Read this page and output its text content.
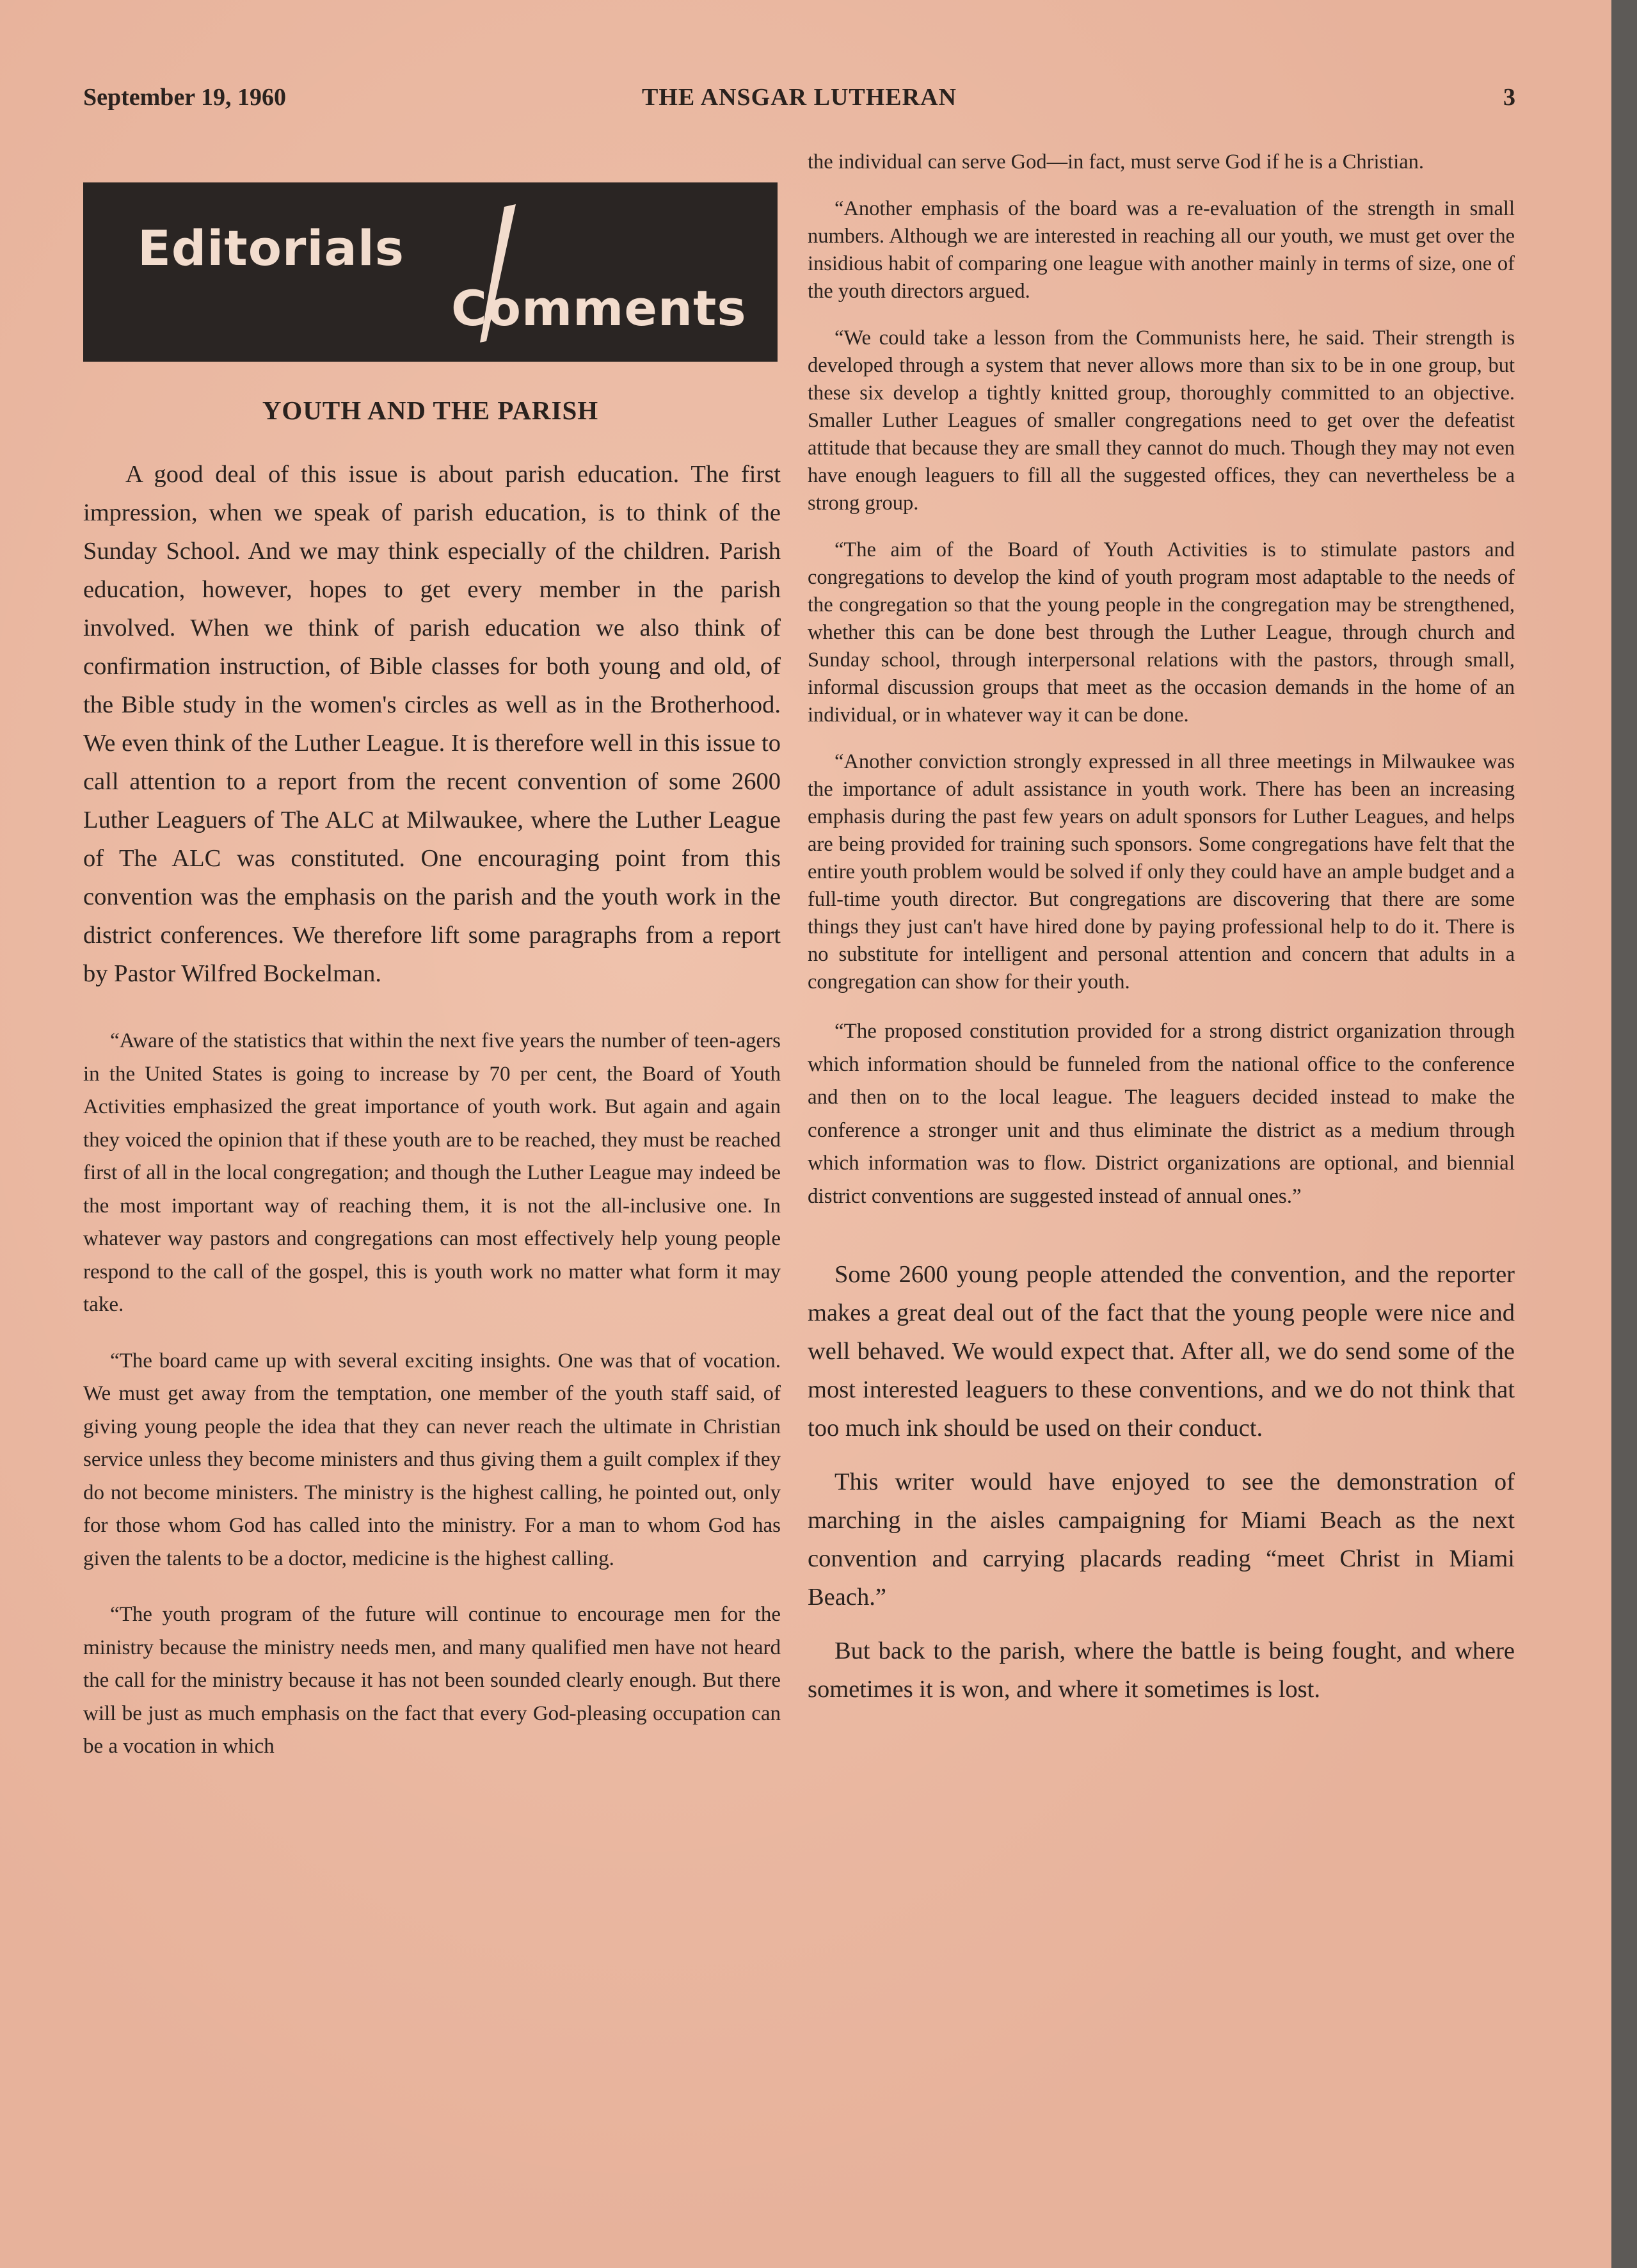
September 19, 1960	THE ANSGAR LUTHERAN	3
Editorials
Comments
YOUTH AND THE PARISH

A good deal of this issue is about parish education. The first impression, when we speak of parish education, is to think of the Sunday School. And we may think especially of the children. Parish education, however, hopes to get every member in the parish involved. When we think of parish education we also think of confirmation instruction, of Bible classes for both young and old, of the Bible study in the women's circles as well as in the Brotherhood. We even think of the Luther League. It is therefore well in this issue to call attention to a report from the recent convention of some 2600 Luther Leaguers of The ALC at Milwaukee, where the Luther League of The ALC was constituted. One encouraging point from this convention was the emphasis on the parish and the youth work in the district conferences. We therefore lift some paragraphs from a report by Pastor Wilfred Bockelman.

“Aware of the statistics that within the next five years the number of teen-agers in the United States is going to increase by 70 per cent, the Board of Youth Activities emphasized the great importance of youth work. But again and again they voiced the opinion that if these youth are to be reached, they must be reached first of all in the local congregation; and though the Luther League may indeed be the most important way of reaching them, it is not the all-inclusive one. In whatever way pastors and congregations can most effectively help young people respond to the call of the gospel, this is youth work no matter what form it may take.

“The board came up with several exciting insights. One was that of vocation. We must get away from the temptation, one member of the youth staff said, of giving young people the idea that they can never reach the ultimate in Christian service unless they become ministers and thus giving them a guilt complex if they do not become ministers. The ministry is the highest calling, he pointed out, only for those whom God has called into the ministry. For a man to whom God has given the talents to be a doctor, medicine is the highest calling.

“The youth program of the future will continue to encourage men for the ministry because the ministry needs men, and many qualified men have not heard the call for the ministry because it has not been sounded clearly enough. But there will be just as much emphasis on the fact that every God-pleasing occupation can be a vocation in which

the individual can serve God—in fact, must serve God if he is a Christian.

“Another emphasis of the board was a re-evaluation of the strength in small numbers. Although we are interested in reaching all our youth, we must get over the insidious habit of comparing one league with another mainly in terms of size, one of the youth directors argued.

“We could take a lesson from the Communists here, he said. Their strength is developed through a system that never allows more than six to be in one group, but these six develop a tightly knitted group, thoroughly committed to an objective. Smaller Luther Leagues of smaller congregations need to get over the defeatist attitude that because they are small they cannot do much. Though they may not even have enough leaguers to fill all the suggested offices, they can nevertheless be a strong group.

“The aim of the Board of Youth Activities is to stimulate pastors and congregations to develop the kind of youth program most adaptable to the needs of the congregation so that the young people in the congregation may be strengthened, whether this can be done best through the Luther League, through church and Sunday school, through interpersonal relations with the pastors, through small, informal discussion groups that meet as the occasion demands in the home of an individual, or in whatever way it can be done.

“Another conviction strongly expressed in all three meetings in Milwaukee was the importance of adult assistance in youth work. There has been an increasing emphasis during the past few years on adult sponsors for Luther Leagues, and helps are being provided for training such sponsors. Some congregations have felt that the entire youth problem would be solved if only they could have an ample budget and a full-time youth director. But congregations are discovering that there are some things they just can't have hired done by paying professional help to do it. There is no substitute for intelligent and personal attention and concern that adults in a congregation can show for their youth.

“The proposed constitution provided for a strong district organization through which information should be funneled from the national office to the conference and then on to the local league. The leaguers decided instead to make the conference a stronger unit and thus eliminate the district as a medium through which information was to flow. District organizations are optional, and biennial district conventions are suggested instead of annual ones.”

Some 2600 young people attended the convention, and the reporter makes a great deal out of the fact that the young people were nice and well behaved. We would expect that. After all, we do send some of the most interested leaguers to these conventions, and we do not think that too much ink should be used on their conduct.

This writer would have enjoyed to see the demonstration of marching in the aisles campaigning for Miami Beach as the next convention and carrying placards reading “meet Christ in Miami Beach.”

But back to the parish, where the battle is being fought, and where sometimes it is won, and where it sometimes is lost.
